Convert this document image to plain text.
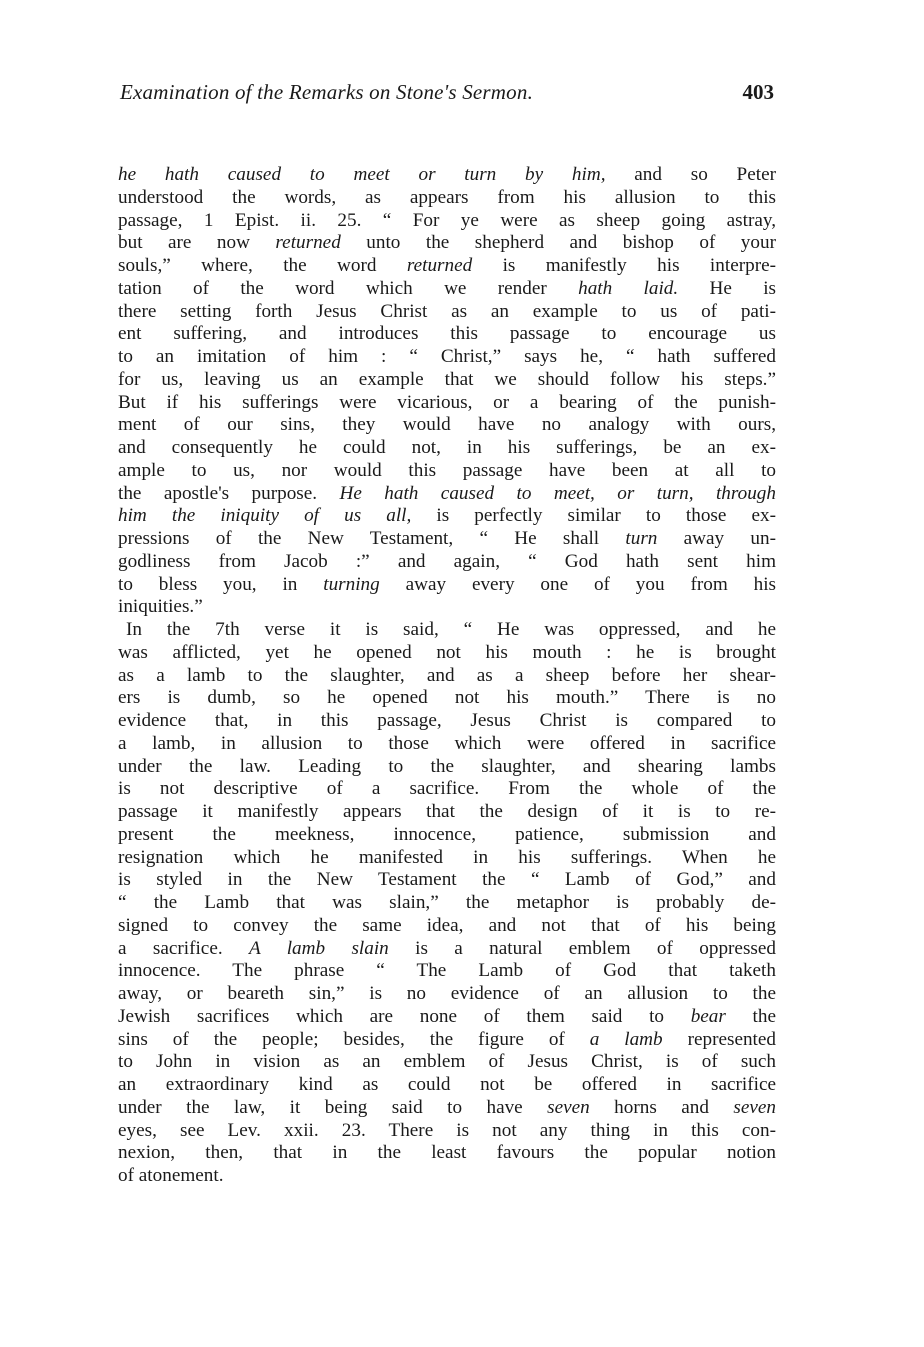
Examination of the Remarks on Stone's Sermon.	403
he hath caused to meet or turn by him, and so Peter
understood the words, as appears from his allusion to this
passage, 1 Epist. ii. 25. “ For ye were as sheep going astray,
but are now returned unto the shepherd and bishop of your
souls,” where, the word returned is manifestly his interpre-
tation of the word which we render hath laid. He is
there setting forth Jesus Christ as an example to us of pati-
ent suffering, and introduces this passage to encourage us
to an imitation of him : “ Christ,” says he, “ hath suffered
for us, leaving us an example that we should follow his steps.”
But if his sufferings were vicarious, or a bearing of the punish-
ment of our sins, they would have no analogy with ours,
and consequently he could not, in his sufferings, be an ex-
ample to us, nor would this passage have been at all to
the apostle's purpose. He hath caused to meet, or turn, through
him the iniquity of us all, is perfectly similar to those ex-
pressions of the New Testament, “ He shall turn away un-
godliness from Jacob :” and again, “ God hath sent him
to bless you, in turning away every one of you from his
iniquities.”
In the 7th verse it is said, “ He was oppressed, and he
was afflicted, yet he opened not his mouth : he is brought
as a lamb to the slaughter, and as a sheep before her shear-
ers is dumb, so he opened not his mouth.” There is no
evidence that, in this passage, Jesus Christ is compared to
a lamb, in allusion to those which were offered in sacrifice
under the law. Leading to the slaughter, and shearing lambs
is not descriptive of a sacrifice. From the whole of the
passage it manifestly appears that the design of it is to re-
present the meekness, innocence, patience, submission and
resignation which he manifested in his sufferings. When he
is styled in the New Testament the “ Lamb of God,” and
“ the Lamb that was slain,” the metaphor is probably de-
signed to convey the same idea, and not that of his being
a sacrifice. A lamb slain is a natural emblem of oppressed
innocence. The phrase “ The Lamb of God that taketh
away, or beareth sin,” is no evidence of an allusion to the
Jewish sacrifices which are none of them said to bear the
sins of the people; besides, the figure of a lamb represented
to John in vision as an emblem of Jesus Christ, is of such
an extraordinary kind as could not be offered in sacrifice
under the law, it being said to have seven horns and seven
eyes, see Lev. xxii. 23. There is not any thing in this con-
nexion, then, that in the least favours the popular notion
of atonement.
